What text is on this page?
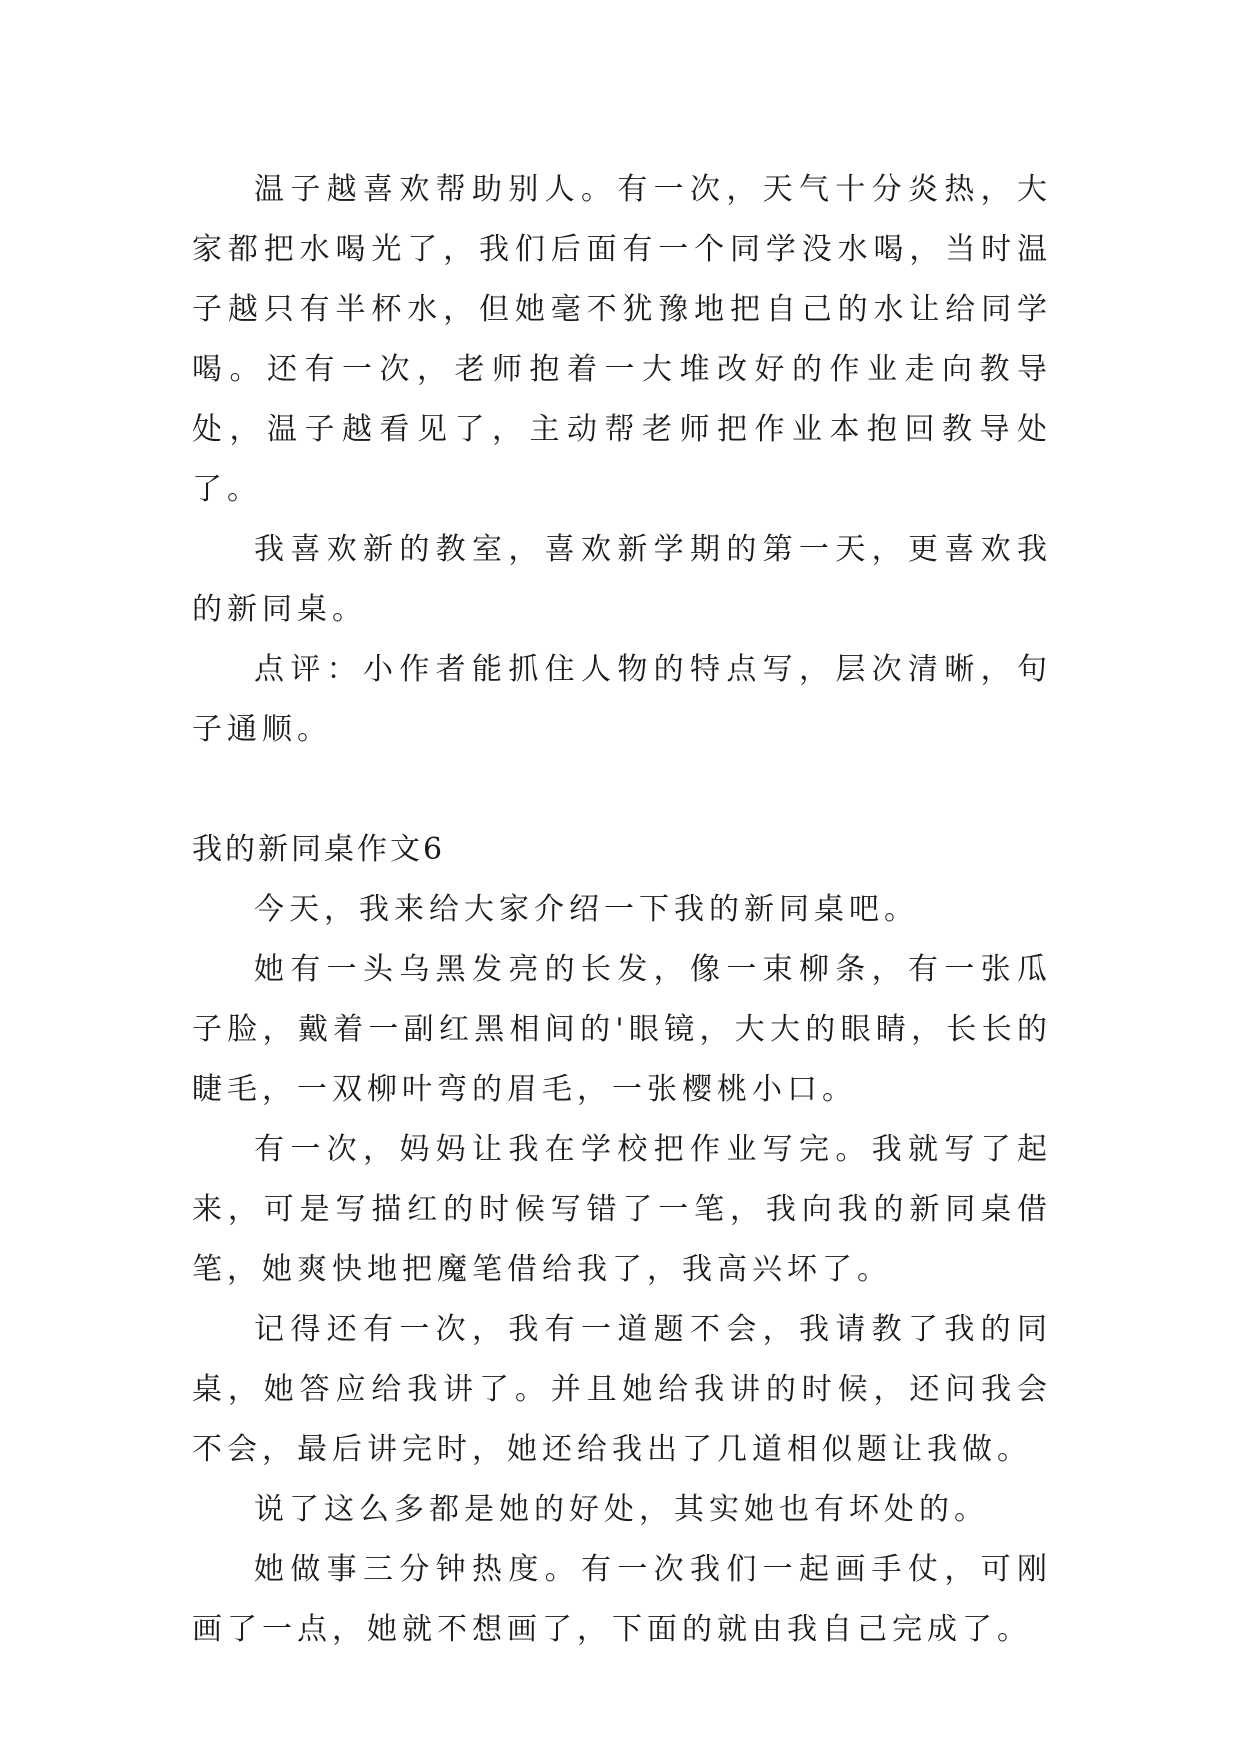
温子越喜欢帮助别人。有一次，天气十分炎热，大家都把水喝光了，我们后面有一个同学没水喝，当时温子越只有半杯水，但她毫不犹豫地把自己的水让给同学喝。还有一次，老师抱着一大堆改好的作业走向教导处，温子越看见了，主动帮老师把作业本抱回教导处了。

我喜欢新的教室，喜欢新学期的第一天，更喜欢我的新同桌。

点评：小作者能抓住人物的特点写，层次清晰，句子通顺。

我的新同桌作文6

今天，我来给大家介绍一下我的新同桌吧。

她有一头乌黑发亮的长发，像一束柳条，有一张瓜子脸，戴着一副红黑相间的'眼镜，大大的眼睛，长长的睫毛，一双柳叶弯的眉毛，一张樱桃小口。

有一次，妈妈让我在学校把作业写完。我就写了起来，可是写描红的时候写错了一笔，我向我的新同桌借笔，她爽快地把魔笔借给我了，我高兴坏了。

记得还有一次，我有一道题不会，我请教了我的同桌，她答应给我讲了。并且她给我讲的时候，还问我会不会，最后讲完时，她还给我出了几道相似题让我做。

说了这么多都是她的好处，其实她也有坏处的。

她做事三分钟热度。有一次我们一起画手仗，可刚画了一点，她就不想画了，下面的就由我自己完成了。
